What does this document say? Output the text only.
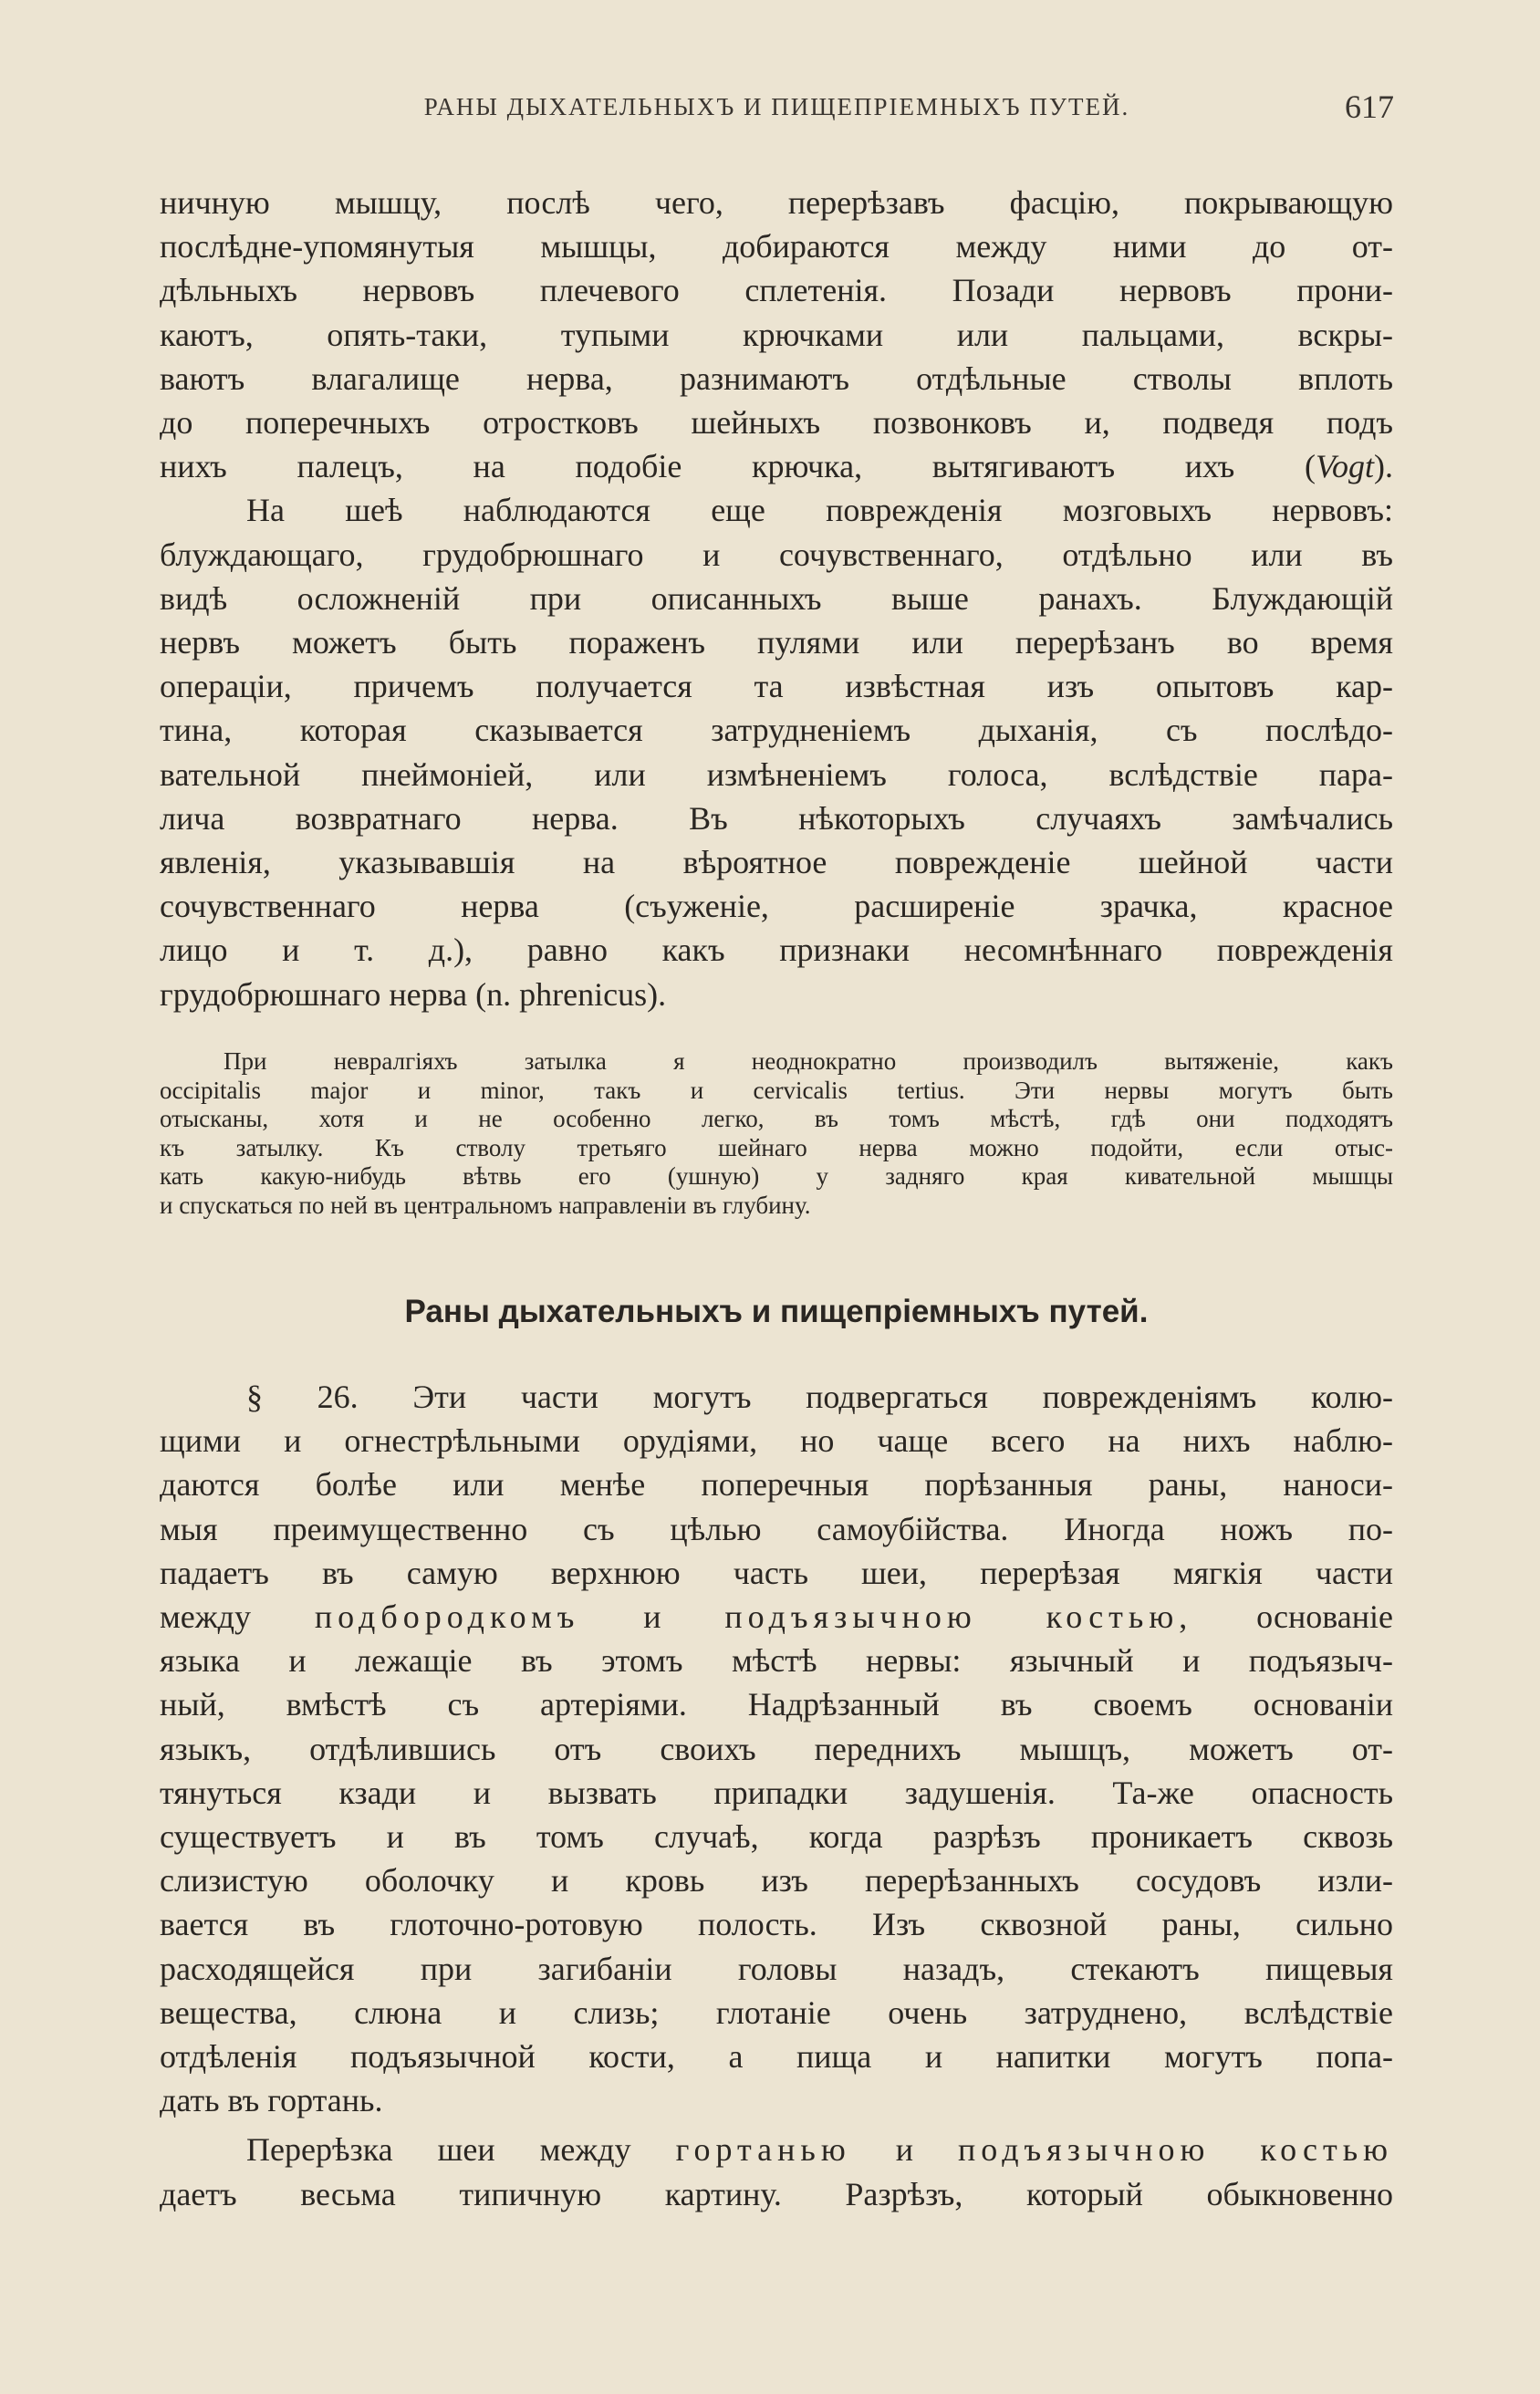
РАНЫ ДЫХАТЕЛЬНЫХЪ И ПИЩЕПРІЕМНЫХЪ ПУТЕЙ.	617
ничную мышцу, послѣ чего, перерѣзавъ фасцію, покрывающую
послѣдне-упомянутыя мышцы, добираются между ними до от-
дѣльныхъ нервовъ плечевого сплетенія. Позади нервовъ прони-
каютъ, опять-таки, тупыми крючками или пальцами, вскры-
ваютъ влагалище нерва, разнимаютъ отдѣльные стволы вплоть
до поперечныхъ отростковъ шейныхъ позвонковъ и, подведя подъ
нихъ палецъ, на подобіе крючка, вытягиваютъ ихъ (Vogt).
На шеѣ наблюдаются еще поврежденія мозговыхъ нервовъ:
блуждающаго, грудобрюшнаго и сочувственнаго, отдѣльно или въ
видѣ осложненій при описанныхъ выше ранахъ. Блуждающій
нервъ можетъ быть пораженъ пулями или перерѣзанъ во время
операціи, причемъ получается та извѣстная изъ опытовъ кар-
тина, которая сказывается затрудненіемъ дыханія, съ послѣдо-
вательной пнеймоніей, или измѣненіемъ голоса, вслѣдствіе пара-
лича возвратнаго нерва. Въ нѣкоторыхъ случаяхъ замѣчались
явленія, указывавшія на вѣроятное поврежденіе шейной части
сочувственнаго нерва (съуженіе, расширеніе зрачка, красное
лицо и т. д.), равно какъ признаки несомнѣннаго поврежденія
грудобрюшнаго нерва (n. phrenicus).
При невралгіяхъ затылка я неоднократно производилъ вытяженіе, какъ
occipitalis major и minor, такъ и cervicalis tertius. Эти нервы могутъ быть
отысканы, хотя и не особенно легко, въ томъ мѣстѣ, гдѣ они подходятъ
къ затылку. Къ стволу третьяго шейнаго нерва можно подойти, если отыс-
кать какую-нибудь вѣтвь его (ушную) у задняго края кивательной мышцы
и спускаться по ней въ центральномъ направленіи въ глубину.
Раны дыхательныхъ и пищепріемныхъ путей.
§ 26. Эти части могутъ подвергаться поврежденіямъ колю-
щими и огнестрѣльными орудіями, но чаще всего на нихъ наблю-
даются болѣе или менѣе поперечныя порѣзанныя раны, наноси-
мыя преимущественно съ цѣлью самоубійства. Иногда ножъ по-
падаетъ въ самую верхнюю часть шеи, перерѣзая мягкія части
между подбородкомъ и подъязычною костью, основаніе
языка и лежащіе въ этомъ мѣстѣ нервы: язычный и подъязыч-
ный, вмѣстѣ съ артеріями. Надрѣзанный въ своемъ основаніи
языкъ, отдѣлившись отъ своихъ переднихъ мышцъ, можетъ от-
тянуться кзади и вызвать припадки задушенія. Та-же опасность
существуетъ и въ томъ случаѣ, когда разрѣзъ проникаетъ сквозь
слизистую оболочку и кровь изъ перерѣзанныхъ сосудовъ изли-
вается въ глоточно-ротовую полость. Изъ сквозной раны, сильно
расходящейся при загибаніи головы назадъ, стекаютъ пищевыя
вещества, слюна и слизь; глотаніе очень затруднено, вслѣдствіе
отдѣленія подъязычной кости, а пища и напитки могутъ попа-
дать въ гортань.
Перерѣзка шеи между гортанью и подъязычною костью
даетъ весьма типичную картину. Разрѣзъ, который обыкновенно
